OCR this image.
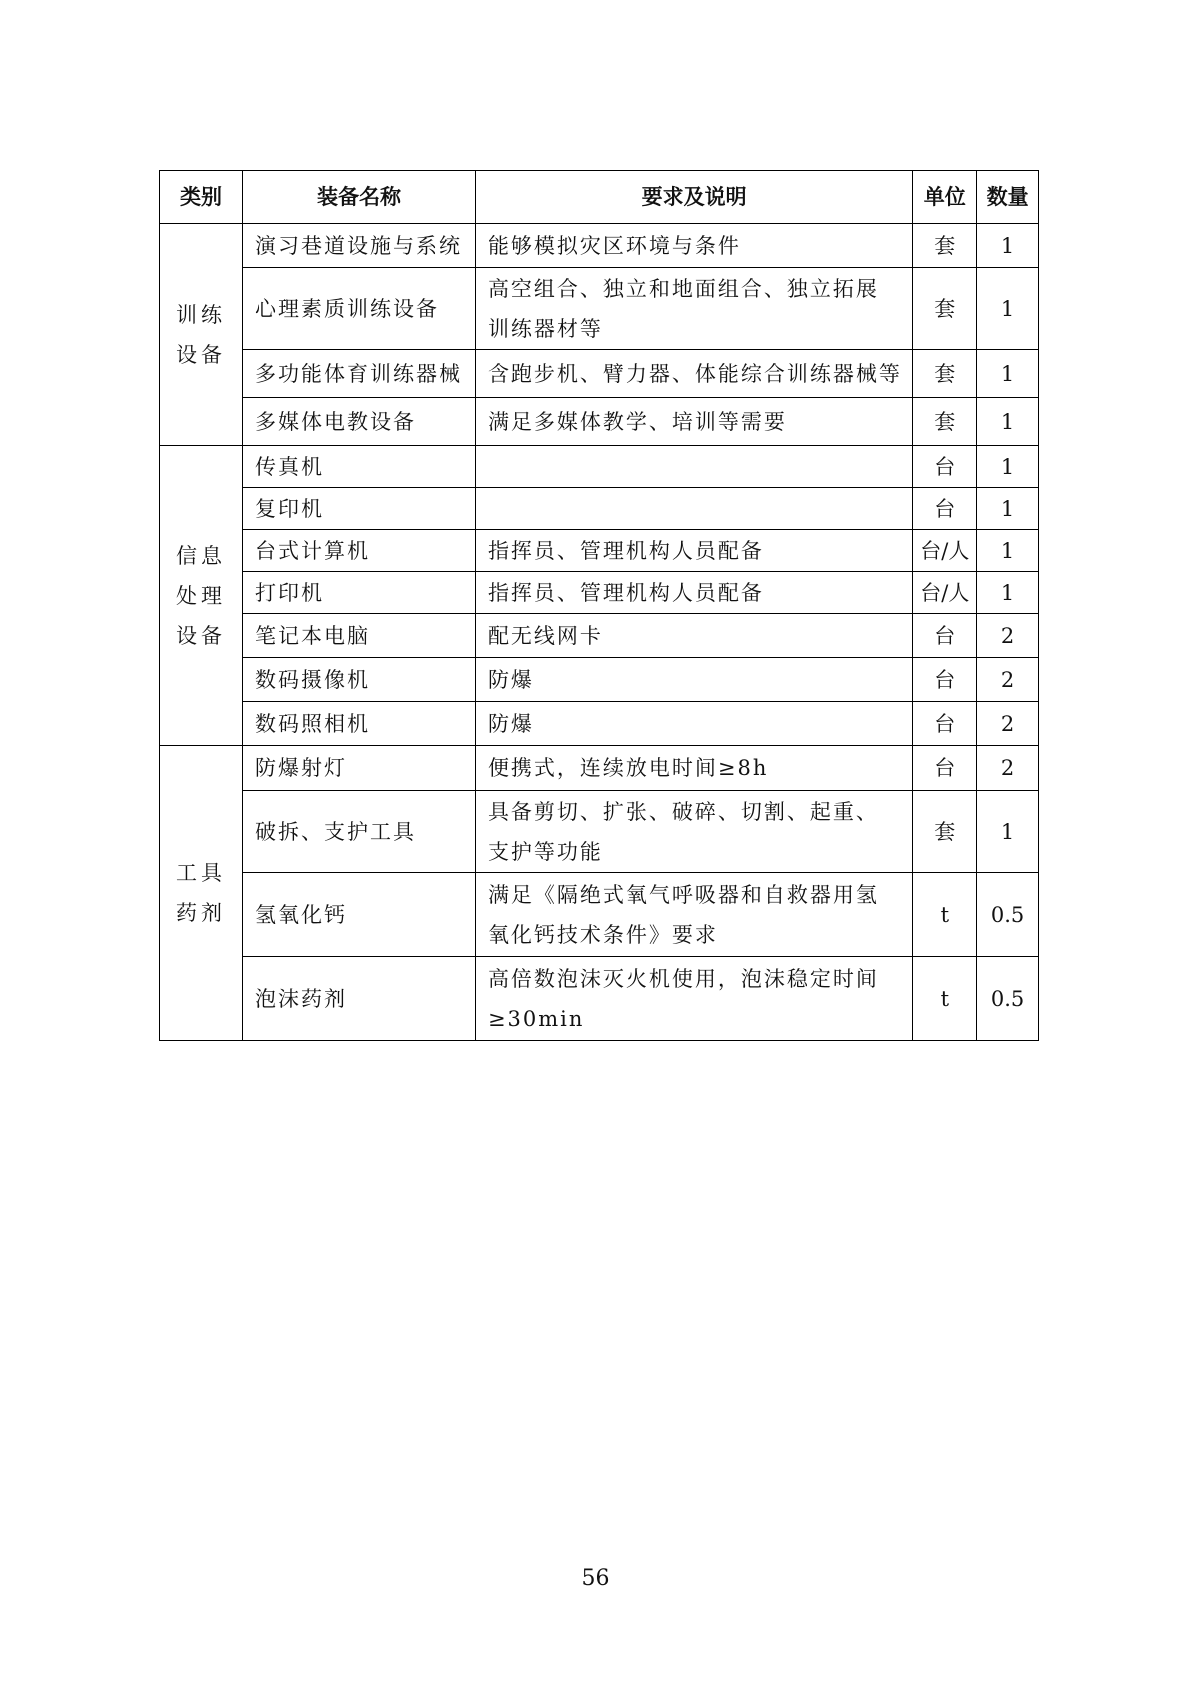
类别	装备名称	要求及说明	单位	数量
训练设备	演习巷道设施与系统	能够模拟灾区环境与条件	套	1
	心理素质训练设备	高空组合、独立和地面组合、独立拓展训练器材等	套	1
	多功能体育训练器械	含跑步机、臂力器、体能综合训练器械等	套	1
	多媒体电教设备	满足多媒体教学、培训等需要	套	1
信息处理设备	传真机		台	1
	复印机		台	1
	台式计算机	指挥员、管理机构人员配备	台/人	1
	打印机	指挥员、管理机构人员配备	台/人	1
	笔记本电脑	配无线网卡	台	2
	数码摄像机	防爆	台	2
	数码照相机	防爆	台	2
工具药剂	防爆射灯	便携式，连续放电时间≥8h	台	2
	破拆、支护工具	具备剪切、扩张、破碎、切割、起重、支护等功能	套	1
	氢氧化钙	满足《隔绝式氧气呼吸器和自救器用氢氧化钙技术条件》要求	t	0.5
	泡沫药剂	高倍数泡沫灭火机使用，泡沫稳定时间≥30min	t	0.5
56
